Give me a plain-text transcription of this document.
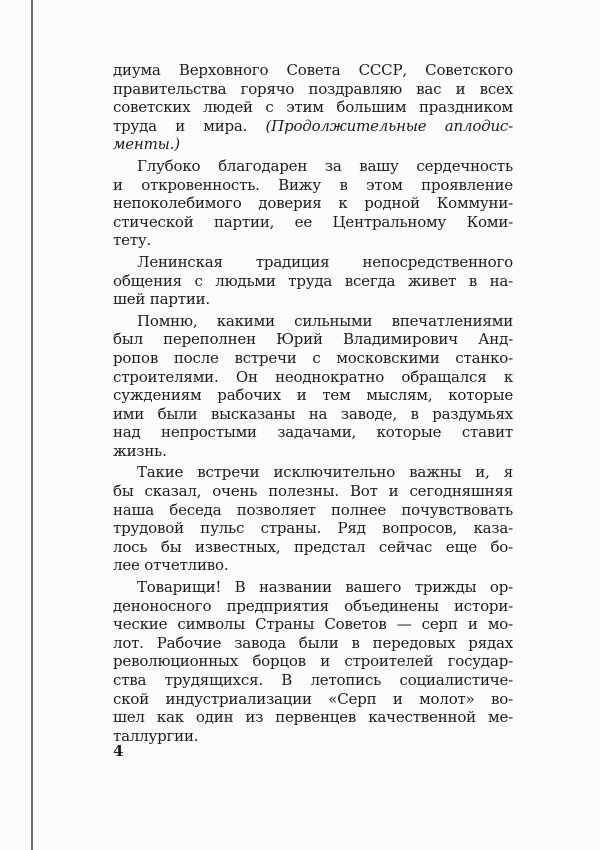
диума Верховного Совета СССР, Советского
правительства горячо поздравляю вас и всех
советских людей с этим большим праздником
труда и мира. (Продолжительные аплодис-
менты.)
Глубоко благодарен за вашу сердечность
и откровенность. Вижу в этом проявление
непоколебимого доверия к родной Коммуни-
стической партии, ее Центральному Коми-
тету.
Ленинская традиция непосредственного
общения с людьми труда всегда живет в на-
шей партии.
Помню, какими сильными впечатлениями
был переполнен Юрий Владимирович Анд-
ропов после встречи с московскими станко-
строителями. Он неоднократно обращался к
суждениям рабочих и тем мыслям, которые
ими были высказаны на заводе, в раздумьях
над непростыми задачами, которые ставит
жизнь.
Такие встречи исключительно важны и, я
бы сказал, очень полезны. Вот и сегодняшняя
наша беседа позволяет полнее почувствовать
трудовой пульс страны. Ряд вопросов, каза-
лось бы известных, предстал сейчас еще бо-
лее отчетливо.
Товарищи! В названии вашего трижды ор-
деноносного предприятия объединены истори-
ческие символы Страны Советов — серп и мо-
лот. Рабочие завода были в передовых рядах
революционных борцов и строителей государ-
ства трудящихся. В летопись социалистиче-
ской индустриализации «Серп и молот» во-
шел как один из первенцев качественной ме-
таллургии.
4
